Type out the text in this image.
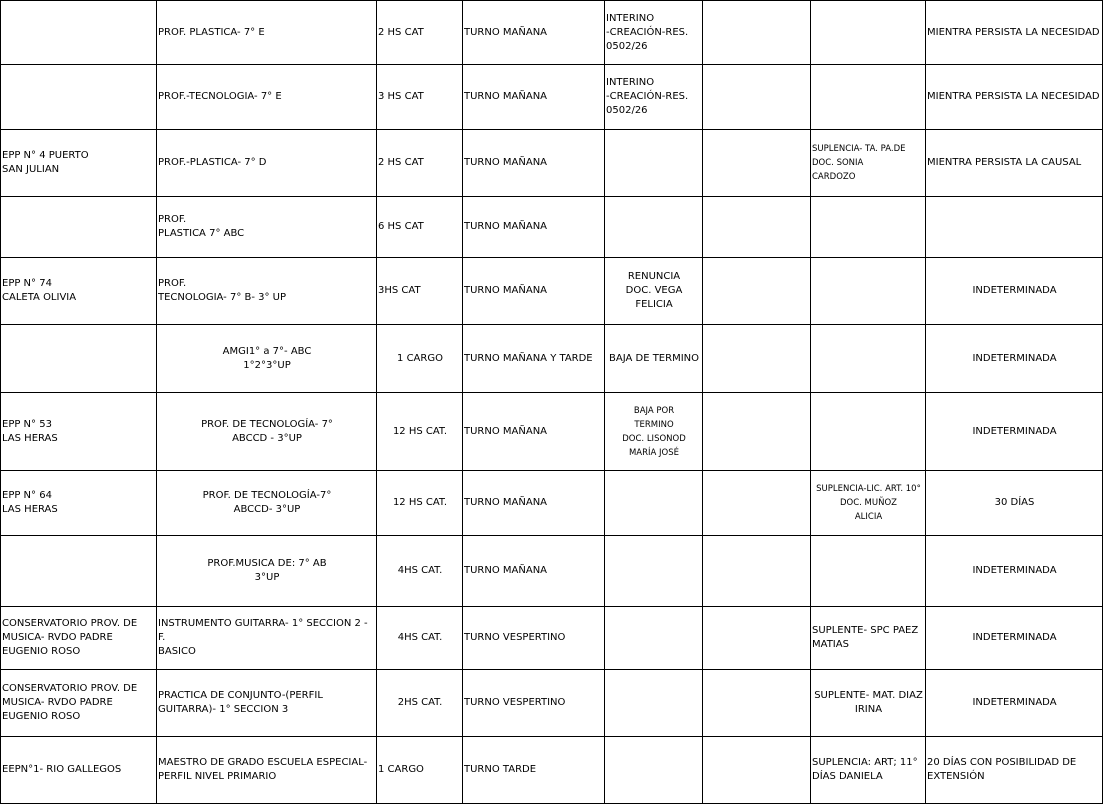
	PROF. PLASTICA- 7° E	2 HS CAT	TURNO MAÑANA	INTERINO
-CREACIÓN-RES.
0502/26			MIENTRA PERSISTA LA NECESIDAD
	PROF.-TECNOLOGIA- 7° E	3 HS CAT	TURNO MAÑANA	INTERINO
-CREACIÓN-RES.
0502/26			MIENTRA PERSISTA LA NECESIDAD
EPP N° 4 PUERTO
SAN JULIAN	PROF.-PLASTICA- 7° D	2 HS CAT	TURNO MAÑANA			SUPLENCIA- TA. PA.DE
DOC. SONIA
CARDOZO	MIENTRA PERSISTA LA CAUSAL
	PROF.
PLASTICA 7° ABC	6 HS CAT	TURNO MAÑANA				
EPP N° 74
CALETA OLIVIA	PROF.
TECNOLOGIA- 7° B- 3° UP	3HS CAT	TURNO MAÑANA	RENUNCIA
DOC. VEGA FELICIA			INDETERMINADA
	AMGI1° a 7°- ABC
1°2°3°UP	1 CARGO	TURNO MAÑANA Y TARDE	BAJA DE TERMINO			INDETERMINADA
EPP N° 53
LAS HERAS	PROF. DE TECNOLOGÍA- 7°
ABCCD - 3°UP	12 HS CAT.	TURNO MAÑANA	BAJA POR
TERMINO
DOC. LISONOD
MARÍA JOSÉ			INDETERMINADA
EPP N° 64
LAS HERAS	PROF. DE TECNOLOGÍA-7°
ABCCD- 3°UP	12 HS CAT.	TURNO MAÑANA			SUPLENCIA-LIC. ART. 10°
DOC. MUÑOZ
ALICIA	30 DÍAS
	PROF.MUSICA DE: 7° AB
3°UP	4HS CAT.	TURNO MAÑANA				INDETERMINADA
CONSERVATORIO PROV. DE
MUSICA- RVDO PADRE
EUGENIO ROSO	INSTRUMENTO GUITARRA- 1° SECCION 2 - F.
BASICO	4HS CAT.	TURNO VESPERTINO			SUPLENTE- SPC PAEZ
MATIAS	INDETERMINADA
CONSERVATORIO PROV. DE
MUSICA- RVDO PADRE
EUGENIO ROSO	PRACTICA DE CONJUNTO-(PERFIL
GUITARRA)- 1° SECCION 3	2HS CAT.	TURNO VESPERTINO			SUPLENTE- MAT. DIAZ
IRINA	INDETERMINADA
EEPN°1- RIO GALLEGOS	MAESTRO DE GRADO ESCUELA ESPECIAL-
PERFIL NIVEL PRIMARIO	1 CARGO	TURNO TARDE			SUPLENCIA: ART; 11°
DÍAS DANIELA	20 DÍAS CON POSIBILIDAD DE
EXTENSIÓN
